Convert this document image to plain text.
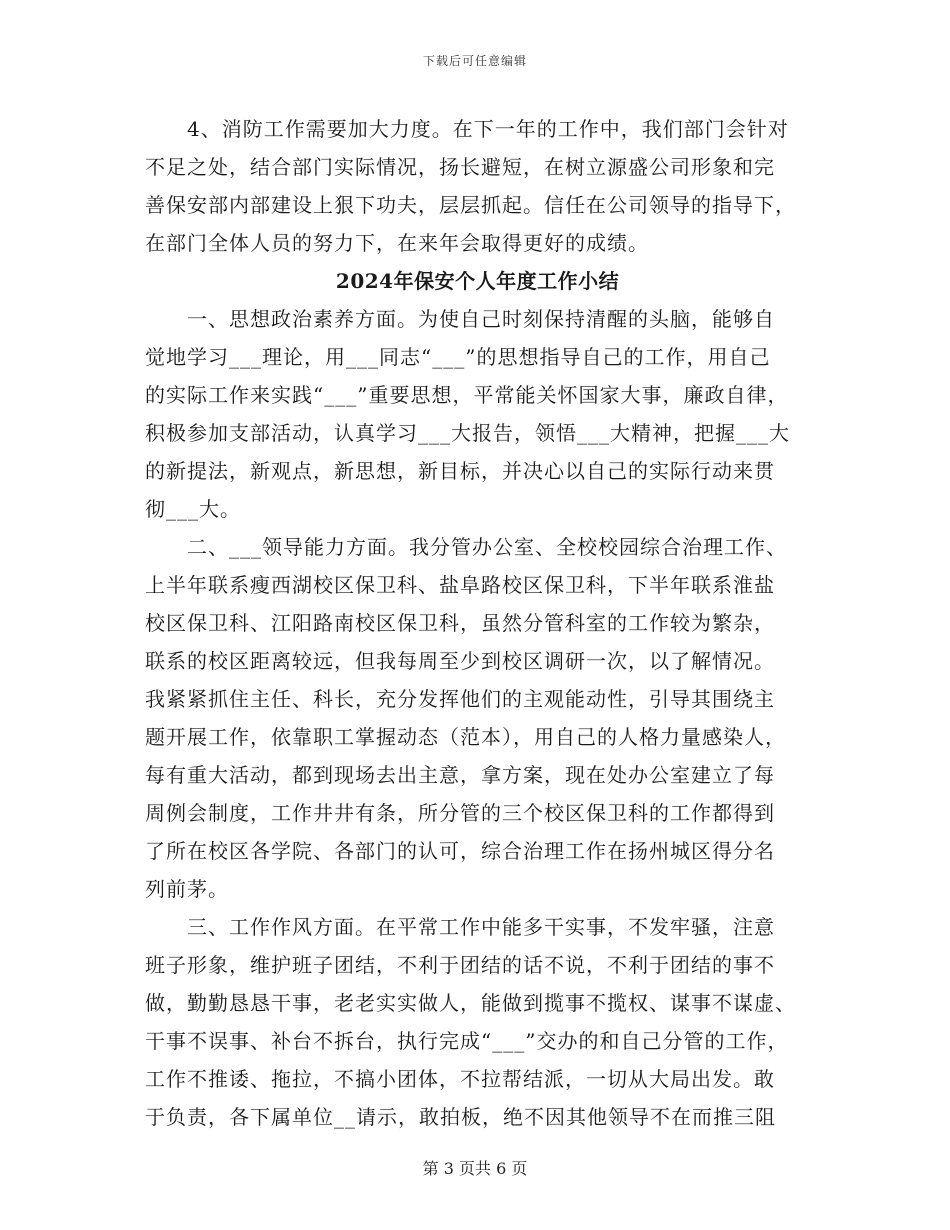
下载后可任意编辑
　　4、消防工作需要加大力度。在下一年的工作中，我们部门会针对
不足之处，结合部门实际情况，扬长避短，在树立源盛公司形象和完
善保安部内部建设上狠下功夫，层层抓起。信任在公司领导的指导下，
在部门全体人员的努力下，在来年会取得更好的成绩。
2024年保安个人年度工作小结
　　一、思想政治素养方面。为使自己时刻保持清醒的头脑，能够自
觉地学习___理论，用___同志“___”的思想指导自己的工作，用自己
的实际工作来实践“___”重要思想，平常能关怀国家大事，廉政自律，
积极参加支部活动，认真学习___大报告，领悟___大精神，把握___大
的新提法，新观点，新思想，新目标，并决心以自己的实际行动来贯
彻___大。
　　二、___领导能力方面。我分管办公室、全校校园综合治理工作、
上半年联系瘦西湖校区保卫科、盐阜路校区保卫科，下半年联系淮盐
校区保卫科、江阳路南校区保卫科，虽然分管科室的工作较为繁杂，
联系的校区距离较远，但我每周至少到校区调研一次，以了解情况。
我紧紧抓住主任、科长，充分发挥他们的主观能动性，引导其围绕主
题开展工作，依靠职工掌握动态（范本），用自己的人格力量感染人，
每有重大活动，都到现场去出主意，拿方案，现在处办公室建立了每
周例会制度，工作井井有条，所分管的三个校区保卫科的工作都得到
了所在校区各学院、各部门的认可，综合治理工作在扬州城区得分名
列前茅。
　　三、工作作风方面。在平常工作中能多干实事，不发牢骚，注意
班子形象，维护班子团结，不利于团结的话不说，不利于团结的事不
做，勤勤恳恳干事，老老实实做人，能做到揽事不揽权、谋事不谋虚、
干事不误事、补台不拆台，执行完成“___”交办的和自己分管的工作，
工作不推诿、拖拉，不搞小团体，不拉帮结派，一切从大局出发。敢
于负责，各下属单位__请示，敢拍板，绝不因其他领导不在而推三阻
第 3 页共 6 页
